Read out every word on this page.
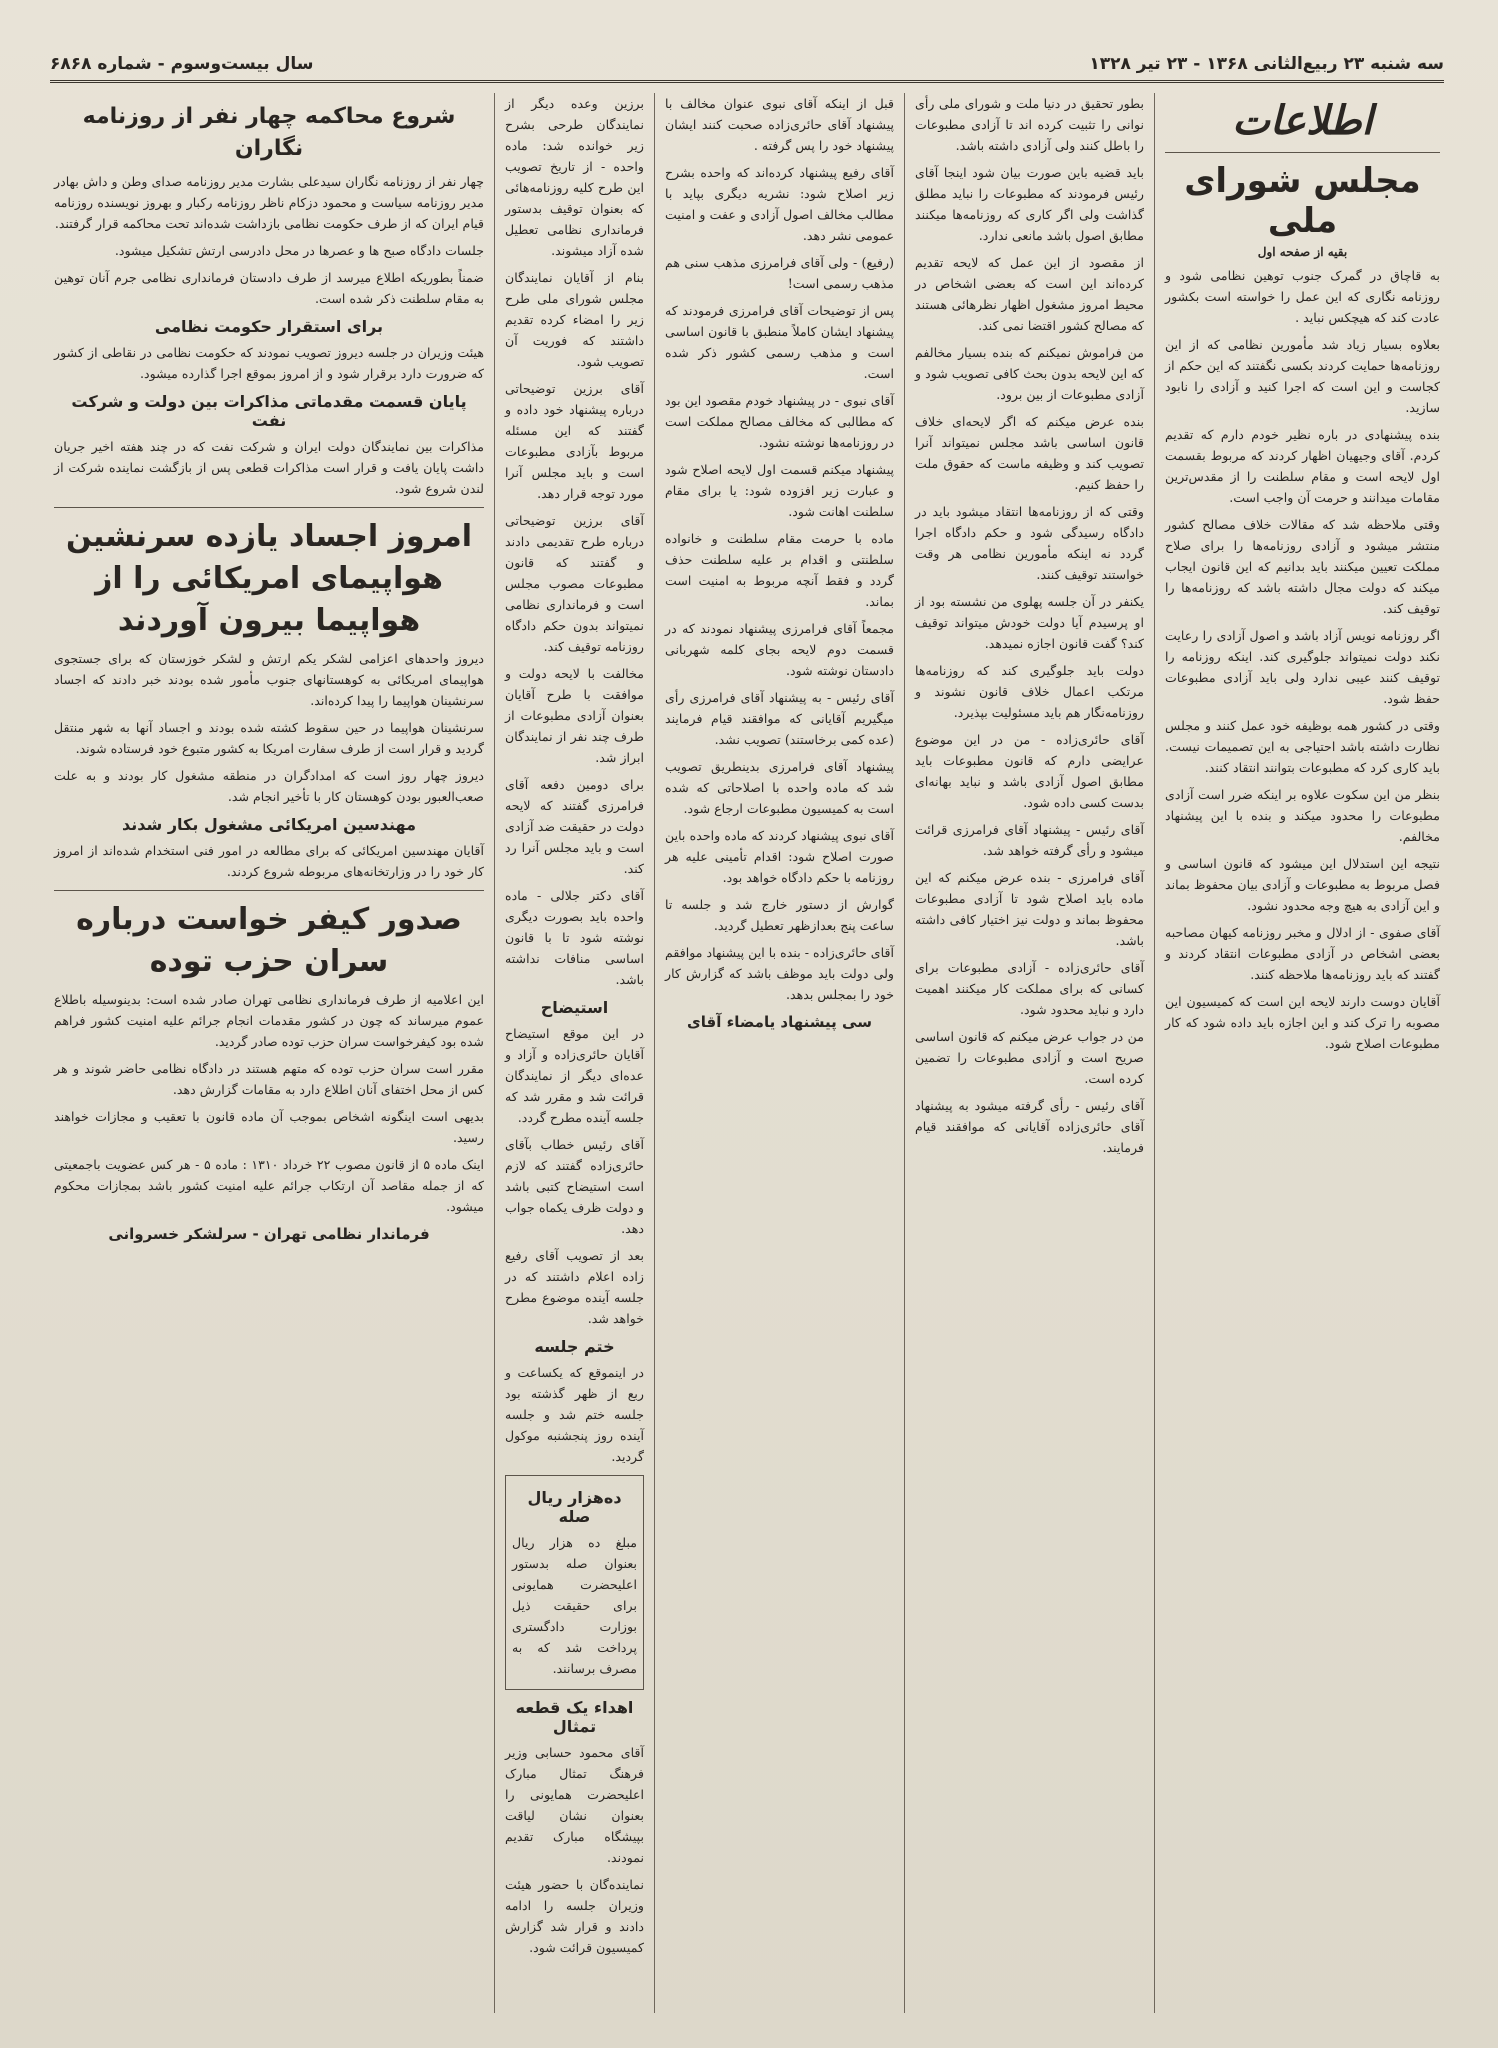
سه شنبه ۲۳ ربیع‌الثانی ۱۳۶۸ - ۲۳ تیر ۱۳۲۸
سال بیست‌وسوم - شماره ۶۸۶۸
اطلاعات
مجلس شورای ملی
بقیه از صفحه اول

به قاچاق در گمرک جنوب توهین نظامی شود و روزنامه نگاری که این عمل را خواسته است بکشور عادت کند که هیچکس نباید .

بعلاوه بسیار زیاد شد مأمورین نظامی که از این روزنامه‌ها حمایت کردند بکسی نگفتند که این حکم از کجاست و این است که اجرا کنید و آزادی را نابود سازید.

بنده پیشنهادی در باره نظیر خودم دارم که تقدیم کردم. آقای وجیهیان اظهار کردند که مربوط بقسمت اول لایحه است و مقام سلطنت را از مقدس‌ترین مقامات میدانند و حرمت آن واجب است.

وقتی ملاحظه شد که مقالات خلاف مصالح کشور منتشر میشود و آزادی روزنامه‌ها را برای صلاح مملکت تعیین میکنند باید بدانیم که این قانون ایجاب میکند که دولت مجال داشته باشد که روزنامه‌ها را توقیف کند.

اگر روزنامه نویس آزاد باشد و اصول آزادی را رعایت نکند دولت نمیتواند جلوگیری کند. اینکه روزنامه را توقیف کنند عیبی ندارد ولی باید آزادی مطبوعات حفظ شود.

وقتی در کشور همه بوظیفه خود عمل کنند و مجلس نظارت داشته باشد احتیاجی به این تصمیمات نیست. باید کاری کرد که مطبوعات بتوانند انتقاد کنند.

بنظر من این سکوت علاوه بر اینکه ضرر است آزادی مطبوعات را محدود میکند و بنده با این پیشنهاد مخالفم.

نتیجه این استدلال این میشود که قانون اساسی و فصل مربوط به مطبوعات و آزادی بیان محفوظ بماند و این آزادی به هیچ وجه محدود نشود.

آقای صفوی - از ادلال و مخبر روزنامه کیهان مصاحبه بعضی اشخاص در آزادی مطبوعات انتقاد کردند و گفتند که باید روزنامه‌ها ملاحظه کنند.

آقایان دوست دارند لایحه این است که کمیسیون این مصوبه را ترک کند و این اجازه باید داده شود که کار مطبوعات اصلاح شود.

بطور تحقیق در دنیا ملت و شورای ملی رأی نوانی را تثبیت کرده اند تا آزادی مطبوعات را باطل کنند ولی آزادی داشته باشد.

باید قضیه باین صورت بیان شود اینجا آقای رئیس فرمودند که مطبوعات را نباید مطلق گذاشت ولی اگر کاری که روزنامه‌ها میکنند مطابق اصول باشد مانعی ندارد.

از مقصود از این عمل که لایحه تقدیم کرده‌اند این است که بعضی اشخاص در محیط امروز مشغول اظهار نظرهائی هستند که مصالح کشور اقتضا نمی کند.

من فراموش نمیکنم که بنده بسیار مخالفم که این لایحه بدون بحث کافی تصویب شود و آزادی مطبوعات از بین برود.

بنده عرض میکنم که اگر لایحه‌ای خلاف قانون اساسی باشد مجلس نمیتواند آنرا تصویب کند و وظیفه ماست که حقوق ملت را حفظ کنیم.

وقتی که از روزنامه‌ها انتقاد میشود باید در دادگاه رسیدگی شود و حکم دادگاه اجرا گردد نه اینکه مأمورین نظامی هر وقت خواستند توقیف کنند.

یکنفر در آن جلسه پهلوی من نشسته بود از او پرسیدم آیا دولت خودش میتواند توقیف کند؟ گفت قانون اجازه نمیدهد.

دولت باید جلوگیری کند که روزنامه‌ها مرتکب اعمال خلاف قانون نشوند و روزنامه‌نگار هم باید مسئولیت بپذیرد.

آقای حائری‌زاده - من در این موضوع عرایضی دارم که قانون مطبوعات باید مطابق اصول آزادی باشد و نباید بهانه‌ای بدست کسی داده شود.

آقای رئیس - پیشنهاد آقای فرامرزی قرائت میشود و رأی گرفته خواهد شد.

آقای فرامرزی - بنده عرض میکنم که این ماده باید اصلاح شود تا آزادی مطبوعات محفوظ بماند و دولت نیز اختیار کافی داشته باشد.

آقای حائری‌زاده - آزادی مطبوعات برای کسانی که برای مملکت کار میکنند اهمیت دارد و نباید محدود شود.

من در جواب عرض میکنم که قانون اساسی صریح است و آزادی مطبوعات را تضمین کرده است.

آقای رئیس - رأی گرفته میشود به پیشنهاد آقای حائری‌زاده آقایانی که موافقند قیام فرمایند.

قبل از اینکه آقای نبوی عنوان مخالف با پیشنهاد آقای حائری‌زاده صحبت کنند ایشان پیشنهاد خود را پس گرفته .

آقای رفیع پیشنهاد کرده‌اند که واحده بشرح زیر اصلاح شود: نشریه دیگری بپاید با مطالب مخالف اصول آزادی و عفت و امنیت عمومی نشر دهد.

(رفیع) - ولی آقای فرامرزی مذهب سنی هم مذهب رسمی است!

پس از توضیحات آقای فرامرزی فرمودند که پیشنهاد ایشان کاملاً منطبق با قانون اساسی است و مذهب رسمی کشور ذکر شده است.

آقای نبوی - در پیشنهاد خودم مقصود این بود که مطالبی که مخالف مصالح مملکت است در روزنامه‌ها نوشته نشود.

پیشنهاد میکنم قسمت اول لایحه اصلاح شود و عبارت زیر افزوده شود: یا برای مقام سلطنت اهانت شود.

ماده با حرمت مقام سلطنت و خانواده سلطنتی و اقدام بر علیه سلطنت حذف گردد و فقط آنچه مربوط به امنیت است بماند.

مجمعاً آقای فرامرزی پیشنهاد نمودند که در قسمت دوم لایحه بجای کلمه شهربانی دادستان نوشته شود.

آقای رئیس - به پیشنهاد آقای فرامرزی رأی میگیریم آقایانی که موافقند قیام فرمایند (عده کمی برخاستند) تصویب نشد.

پیشنهاد آقای فرامرزی بدینطریق تصویب شد که ماده واحده با اصلاحاتی که شده است به کمیسیون مطبوعات ارجاع شود.

آقای نبوی پیشنهاد کردند که ماده واحده باین صورت اصلاح شود: اقدام تأمینی علیه هر روزنامه با حکم دادگاه خواهد بود.

گوارش از دستور خارج شد و جلسه تا ساعت پنج بعدازظهر تعطیل گردید.

آقای حائری‌زاده - بنده با این پیشنهاد موافقم ولی دولت باید موظف باشد که گزارش کار خود را بمجلس بدهد.

سی پیشنهاد یامضاء آقای

برزین وعده دیگر از نمایندگان طرحی بشرح زیر خوانده شد: ماده واحده - از تاریخ تصویب این طرح کلیه روزنامه‌هائی که بعنوان توقیف بدستور فرمانداری نظامی تعطیل شده آزاد میشوند.

بنام از آقایان نمایندگان مجلس شورای ملی طرح زیر را امضاء کرده تقدیم داشتند که فوریت آن تصویب شود.

آقای برزین توضیحاتی درباره پیشنهاد خود داده و گفتند که این مسئله مربوط بآزادی مطبوعات است و باید مجلس آنرا مورد توجه قرار دهد.

آقای برزین توضیحاتی درباره طرح تقدیمی دادند و گفتند که قانون مطبوعات مصوب مجلس است و فرمانداری نظامی نمیتواند بدون حکم دادگاه روزنامه توقیف کند.

مخالفت با لایحه دولت و موافقت با طرح آقایان بعنوان آزادی مطبوعات از طرف چند نفر از نمایندگان ابراز شد.

برای دومین دفعه آقای فرامرزی گفتند که لایحه دولت در حقیقت ضد آزادی است و باید مجلس آنرا رد کند.

آقای دکتر جلالی - ماده واحده باید بصورت دیگری نوشته شود تا با قانون اساسی منافات نداشته باشد.

استیضاح

در این موقع استیضاح آقایان حائری‌زاده و آزاد و عده‌ای دیگر از نمایندگان قرائت شد و مقرر شد که جلسه آینده مطرح گردد.

آقای رئیس خطاب بآقای حائری‌زاده گفتند که لازم است استیضاح کتبی باشد و دولت ظرف یکماه جواب دهد.

بعد از تصویب آقای رفیع‌ زاده اعلام داشتند که در جلسه آینده موضوع مطرح خواهد شد.

ختم جلسه

در اینموقع که یکساعت و ربع از ظهر گذشته بود جلسه ختم شد و جلسه آینده روز پنجشنبه موکول گردید.

ده‌هزار ریال صله

مبلغ ده هزار ریال بعنوان صله بدستور اعلیحضرت همایونی برای حقیقت ذیل بوزارت دادگستری پرداخت شد که به مصرف برسانند.

اهداء یک قطعه تمثال

آقای محمود حسابی وزیر فرهنگ تمثال مبارک اعلیحضرت همایونی را بعنوان نشان لیاقت بپیشگاه مبارک تقدیم نمودند.

نماینده‌گان با حضور هیئت وزیران جلسه را ادامه دادند و قرار شد گزارش کمیسیون قرائت شود.

شروع محاکمه چهار نفر از روزنامه نگاران

چهار نفر از روزنامه نگاران سیدعلی بشارت مدیر روزنامه صدای وطن و داش بهادر مدیر روزنامه سیاست و محمود دزکام ناظر روزنامه رکبار و بهروز نویسنده روزنامه قیام ایران که از طرف حکومت نظامی بازداشت شده‌اند تحت محاکمه قرار گرفتند.

جلسات دادگاه صبح ها و عصرها در محل دادرسی ارتش تشکیل میشود.

ضمناً بطوریکه اطلاع میرسد از طرف دادستان فرمانداری نظامی جرم آنان توهین به مقام سلطنت ذکر شده است.

برای استقرار حکومت نظامی

هیئت وزیران در جلسه دیروز تصویب نمودند که حکومت نظامی در نقاطی از کشور که ضرورت دارد برقرار شود و از امروز بموقع اجرا گذارده میشود.

پایان قسمت مقدماتی مذاکرات بین دولت و شرکت نفت

مذاکرات بین نمایندگان دولت ایران و شرکت نفت که در چند هفته اخیر جریان داشت پایان یافت و قرار است مذاکرات قطعی پس از بازگشت نماینده شرکت از لندن شروع شود.

امروز اجساد یازده سرنشین هواپیمای امریکائی را از هواپیما بیرون آوردند

دیروز واحدهای اعزامی لشکر یکم ارتش و لشکر خوزستان که برای جستجوی هواپیمای امریکائی به کوهستانهای جنوب مأمور شده بودند خبر دادند که اجساد سرنشینان هواپیما را پیدا کرده‌اند.

سرنشینان هواپیما در حین سقوط کشته شده بودند و اجساد آنها به شهر منتقل گردید و قرار است از طرف سفارت امریکا به کشور متبوع خود فرستاده شوند.

دیروز چهار روز است که امدادگران در منطقه مشغول کار بودند و به علت صعب‌العبور بودن کوهستان کار با تأخیر انجام شد.

مهندسین امریکائی مشغول بکار شدند

آقایان مهندسین امریکائی که برای مطالعه در امور فنی استخدام شده‌اند از امروز کار خود را در وزارتخانه‌های مربوطه شروع کردند.

صدور کیفر خواست درباره سران حزب توده

این اعلامیه از طرف فرمانداری نظامی تهران صادر شده است: بدینوسیله باطلاع عموم میرساند که چون در کشور مقدمات انجام جرائم علیه امنیت کشور فراهم شده بود کیفرخواست سران حزب توده صادر گردید.

مقرر است سران حزب توده که متهم هستند در دادگاه نظامی حاضر شوند و هر کس از محل اختفای آنان اطلاع دارد به مقامات گزارش دهد.

بدیهی است اینگونه اشخاص بموجب آن ماده قانون با تعقیب و مجازات خواهند رسید.

اینک ماده ۵ از قانون مصوب ۲۲ خرداد ۱۳۱۰ : ماده ۵ - هر کس عضویت باجمعیتی که از جمله مقاصد آن ارتکاب جرائم علیه امنیت کشور باشد بمجازات محکوم میشود.

فرماندار نظامی تهران - سرلشکر خسروانی
